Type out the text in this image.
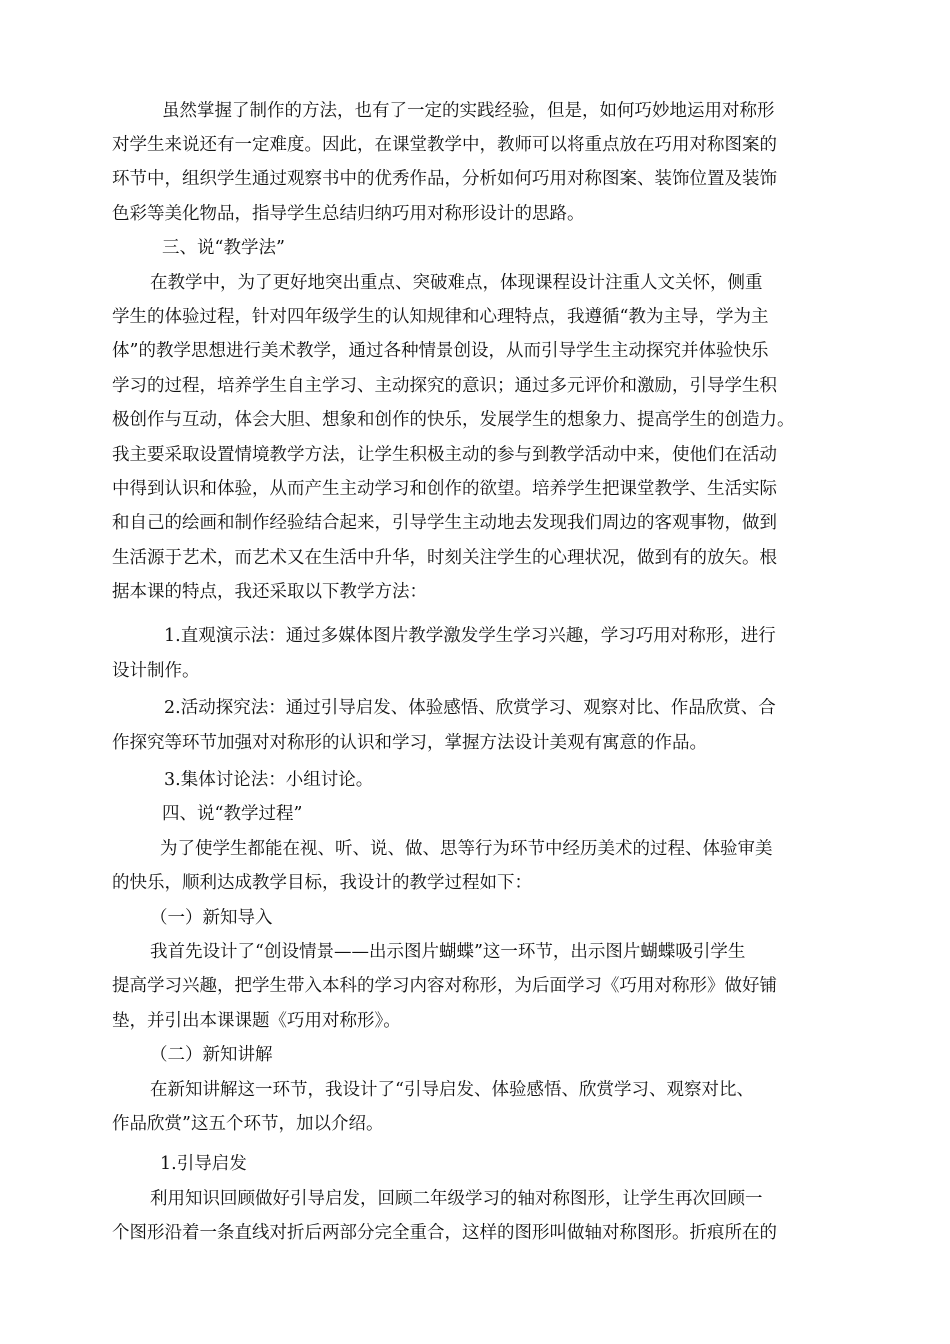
虽然掌握了制作的方法，也有了一定的实践经验，但是，如何巧妙地运用对称形
对学生来说还有一定难度。因此，在课堂教学中，教师可以将重点放在巧用对称图案的
环节中，组织学生通过观察书中的优秀作品，分析如何巧用对称图案、装饰位置及装饰
色彩等美化物品，指导学生总结归纳巧用对称形设计的思路。
三、说“教学法”
在教学中，为了更好地突出重点、突破难点，体现课程设计注重人文关怀，侧重
学生的体验过程，针对四年级学生的认知规律和心理特点，我遵循“教为主导，学为主
体”的教学思想进行美术教学，通过各种情景创设，从而引导学生主动探究并体验快乐
学习的过程，培养学生自主学习、主动探究的意识；通过多元评价和激励，引导学生积
极创作与互动，体会大胆、想象和创作的快乐，发展学生的想象力、提高学生的创造力。
我主要采取设置情境教学方法，让学生积极主动的参与到教学活动中来，使他们在活动
中得到认识和体验，从而产生主动学习和创作的欲望。培养学生把课堂教学、生活实际
和自己的绘画和制作经验结合起来，引导学生主动地去发现我们周边的客观事物，做到
生活源于艺术，而艺术又在生活中升华，时刻关注学生的心理状况，做到有的放矢。根
据本课的特点，我还采取以下教学方法：
1.直观演示法：通过多媒体图片教学激发学生学习兴趣，学习巧用对称形，进行
设计制作。
2.活动探究法：通过引导启发、体验感悟、欣赏学习、观察对比、作品欣赏、合
作探究等环节加强对对称形的认识和学习，掌握方法设计美观有寓意的作品。
3.集体讨论法：小组讨论。
四、说“教学过程”
为了使学生都能在视、听、说、做、思等行为环节中经历美术的过程、体验审美
的快乐，顺利达成教学目标，我设计的教学过程如下：
（一）新知导入
我首先设计了“创设情景——出示图片蝴蝶”这一环节，出示图片蝴蝶吸引学生
提高学习兴趣，把学生带入本科的学习内容对称形，为后面学习《巧用对称形》做好铺
垫，并引出本课课题《巧用对称形》。
（二）新知讲解
在新知讲解这一环节，我设计了“引导启发、体验感悟、欣赏学习、观察对比、
作品欣赏”这五个环节，加以介绍。
1.引导启发
利用知识回顾做好引导启发，回顾二年级学习的轴对称图形，让学生再次回顾一
个图形沿着一条直线对折后两部分完全重合，这样的图形叫做轴对称图形。折痕所在的
